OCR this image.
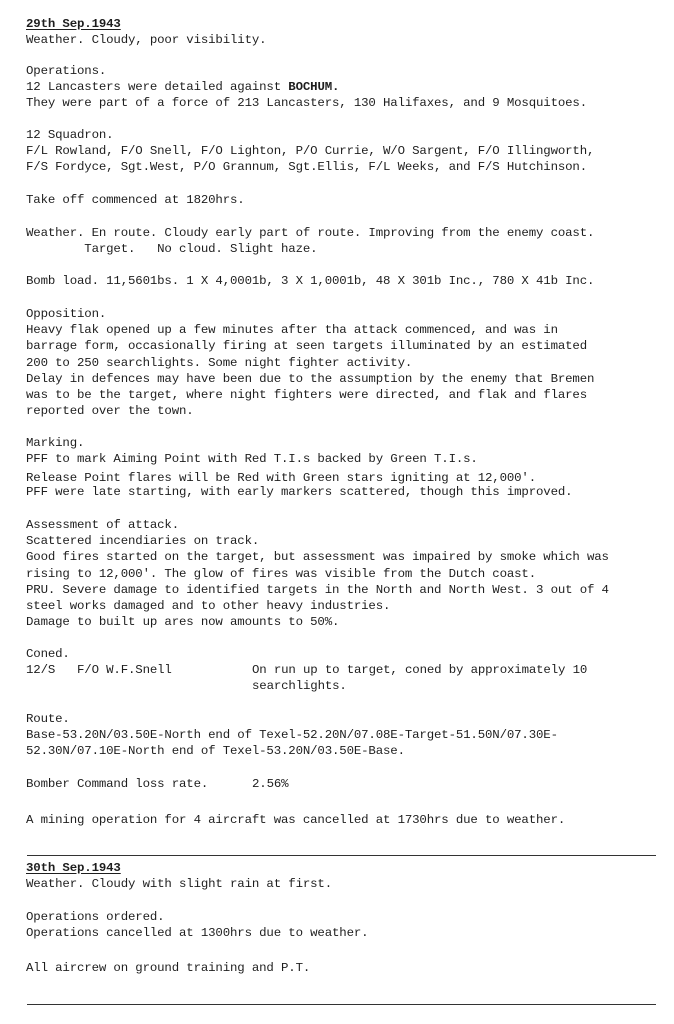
29th Sep.1943
Weather. Cloudy, poor visibility.
Operations.
12 Lancasters were detailed against BOCHUM.
They were part of a force of 213 Lancasters, 130 Halifaxes, and 9 Mosquitoes.
12 Squadron.
F/L Rowland, F/O Snell, F/O Lighton, P/O Currie, W/O Sargent, F/O Illingworth,
F/S Fordyce, Sgt.West, P/O Grannum, Sgt.Ellis, F/L Weeks, and F/S Hutchinson.
Take off commenced at 1820hrs.
Weather. En route. Cloudy early part of route. Improving from the enemy coast.
Target.   No cloud. Slight haze.
Bomb load. 11,5601bs. 1 X 4,0001b, 3 X 1,0001b, 48 X 301b Inc., 780 X 41b Inc.
Opposition.
Heavy flak opened up a few minutes after tha attack commenced, and was in
barrage form, occasionally firing at seen targets illuminated by an estimated
200 to 250 searchlights. Some night fighter activity.
Delay in defences may have been due to the assumption by the enemy that Bremen
was to be the target, where night fighters were directed, and flak and flares
reported over the town.
Marking.
PFF to mark Aiming Point with Red T.I.s backed by Green T.I.s.
Release Point flares will be Red with Green stars igniting at 12,000'.
PFF were late starting, with early markers scattered, though this improved.
Assessment of attack.
Scattered incendiaries on track.
Good fires started on the target, but assessment was impaired by smoke which was
rising to 12,000'. The glow of fires was visible from the Dutch coast.
PRU. Severe damage to identified targets in the North and North West. 3 out of 4
steel works damaged and to other heavy industries.
Damage to built up ares now amounts to 50%.
Coned.
12/S   F/O W.F.Snell	On run up to target, coned by approximately 10
searchlights.
Route.
Base-53.20N/03.50E-North end of Texel-52.20N/07.08E-Target-51.50N/07.30E-
52.30N/07.10E-North end of Texel-53.20N/03.50E-Base.
Bomber Command loss rate.	2.56%
A mining operation for 4 aircraft was cancelled at 1730hrs due to weather.
30th Sep.1943
Weather. Cloudy with slight rain at first.
Operations ordered.
Operations cancelled at 1300hrs due to weather.
All aircrew on ground training and P.T.
